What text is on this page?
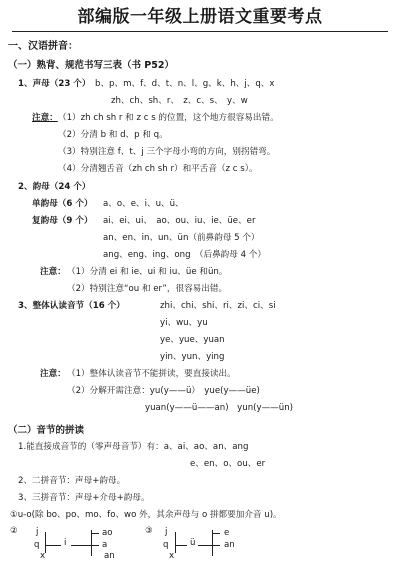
部编版一年级上册语文重要考点
一、汉语拼音：
（一）熟背、规范书写三表（书 P52）
1、声母（23 个） b、p、m、f、d、t、n、l、g、k、h、j、q、x
zh、ch、sh、r、　z、c、s、　y、w
注意： （1）zh ch sh r 和 z c s 的位置，这个地方很容易出错。
（2）分清 b 和 d、p 和 q。
（3）特别注意 f、t、j 三个字母小弯的方向，别拐错弯。
（4）分清翘舌音（zh ch sh r）和平舌音（z c s）。
2、韵母（24 个）
单韵母（6 个） a、o、e、i、u、ü、
复韵母（9 个） ai、ei、ui、　ao、ou、iu、ie、üe、er
an、en、in、un、ün（前鼻韵母 5 个）
ang、eng、ing、ong　（后鼻韵母 4 个）
注意： （1）分清 ei 和 ie、ui 和 iu、üe 和ün。
（2）特别注意“ou 和 er”，很容易出错。
3、整体认读音节（16 个）	zhi、chi、shi、ri、zi、ci、si
yi、wu、yu
ye、yue、yuan
yin、yun、ying
注意： （1）整体认读音节不能拼读，要直接读出。
（2）分解开需注意：yu(y——ü）　yue(y——üe)
yuan(y——ü——an)　yun(y——ün)
（二）音节的拼读
1.能直接成音节的（零声母音节）有：a、ai、ao、an、ang
e、en、o、ou、er
2、二拼音节：声母+韵母。
3、三拼音节：声母+介母+韵母。
①u-o(除 bo、po、mo、fo、wo 外，其余声母与 o 拼都要加介音 u)。
② j
q
x
i
ao
a
an
③ j
q
x
ü
e
an
